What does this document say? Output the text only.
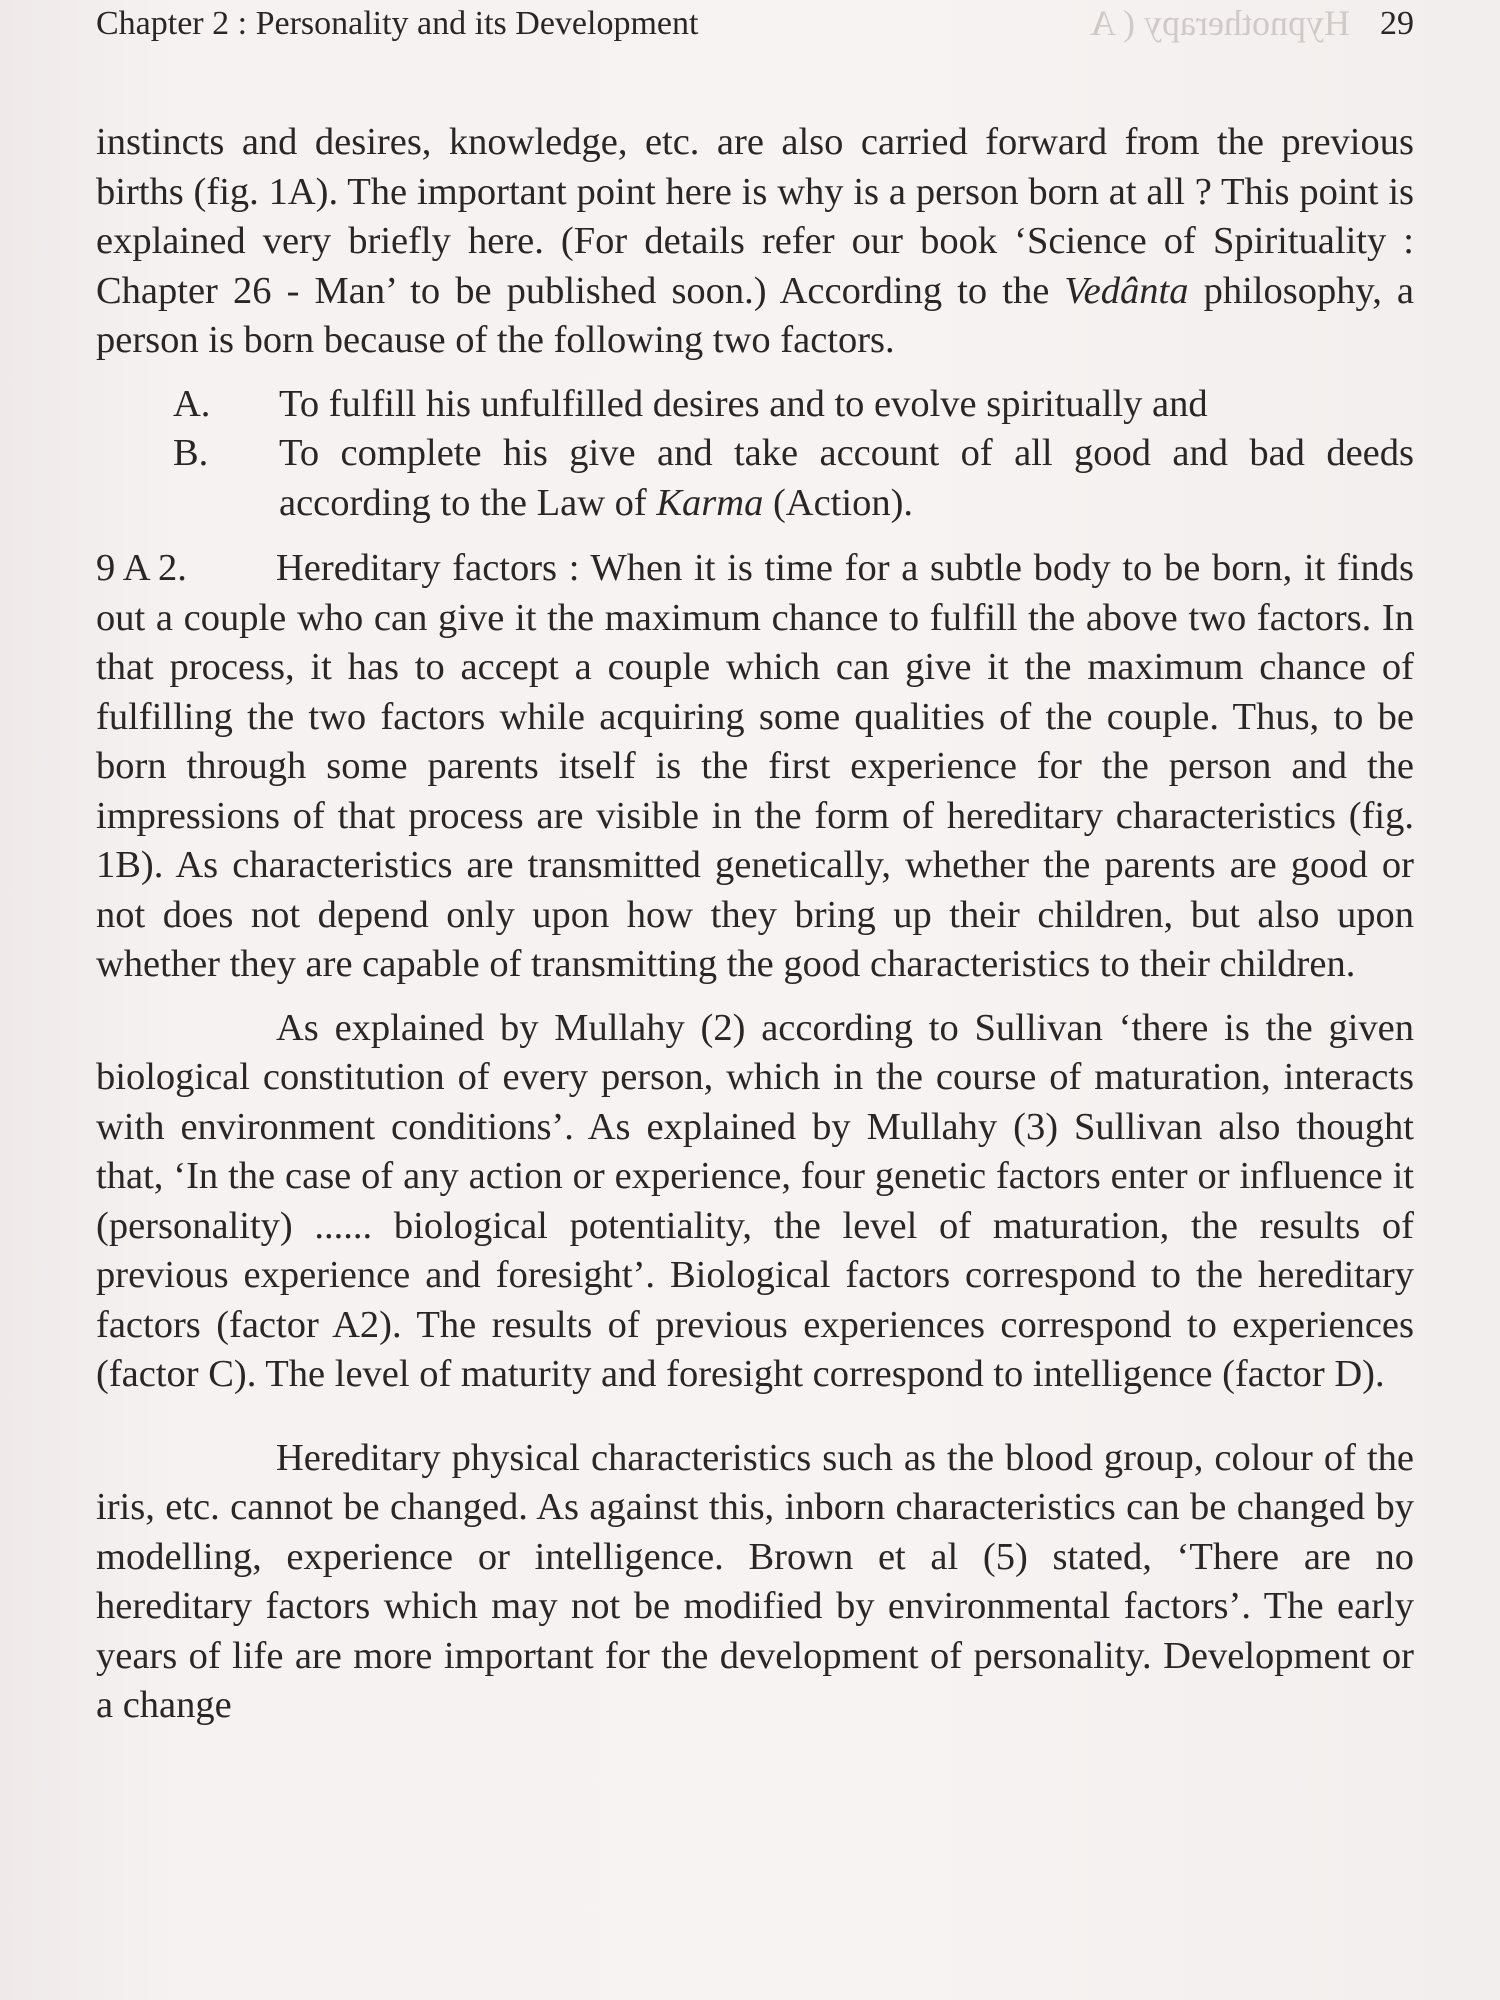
Hypnotherapy ( A
Chapter 2 : Personality and its Development	29

instincts and desires, knowledge, etc. are also carried forward from the previous births (fig. 1A). The important point here is why is a person born at all ? This point is explained very briefly here. (For details refer our book ‘Science of Spirituality : Chapter 26 - Man’ to be published soon.) According to the Vedânta philosophy, a person is born because of the following two factors.

A. To fulfill his unfulfilled desires and to evolve spiritually and
B. To complete his give and take account of all good and bad deeds according to the Law of Karma (Action).

9 A 2. Hereditary factors : When it is time for a subtle body to be born, it finds out a couple who can give it the maximum chance to fulfill the above two factors. In that process, it has to accept a couple which can give it the maximum chance of fulfilling the two factors while acquiring some qualities of the couple. Thus, to be born through some parents itself is the first experience for the person and the impressions of that process are visible in the form of hereditary characteristics (fig. 1B). As characteristics are transmitted genetically, whether the parents are good or not does not depend only upon how they bring up their children, but also upon whether they are capable of transmitting the good characteristics to their children.

As explained by Mullahy (2) according to Sullivan ‘there is the given biological constitution of every person, which in the course of maturation, interacts with environment conditions’. As explained by Mullahy (3) Sullivan also thought that, ‘In the case of any action or experience, four genetic factors enter or influence it (personality) ...... biological potentiality, the level of maturation, the results of previous experience and foresight’. Biological factors correspond to the hereditary factors (factor A2). The results of previous experiences correspond to experiences (factor C). The level of maturity and foresight correspond to intelligence (factor D).

Hereditary physical characteristics such as the blood group, colour of the iris, etc. cannot be changed. As against this, inborn characteristics can be changed by modelling, experience or intelligence. Brown et al (5) stated, ‘There are no hereditary factors which may not be modified by environmental factors’. The early years of life are more important for the development of personality. Development or a change
